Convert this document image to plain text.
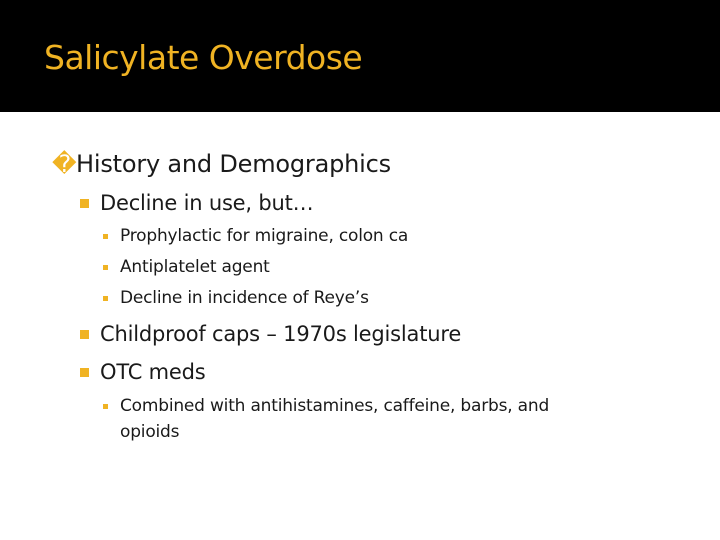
Salicylate Overdose
� History and Demographics
Decline in use, but…
Prophylactic for migraine, colon ca
Antiplatelet agent
Decline in incidence of Reye’s
Childproof caps – 1970s legislature
OTC meds
Combined with antihistamines, caffeine, barbs, and
opioids
